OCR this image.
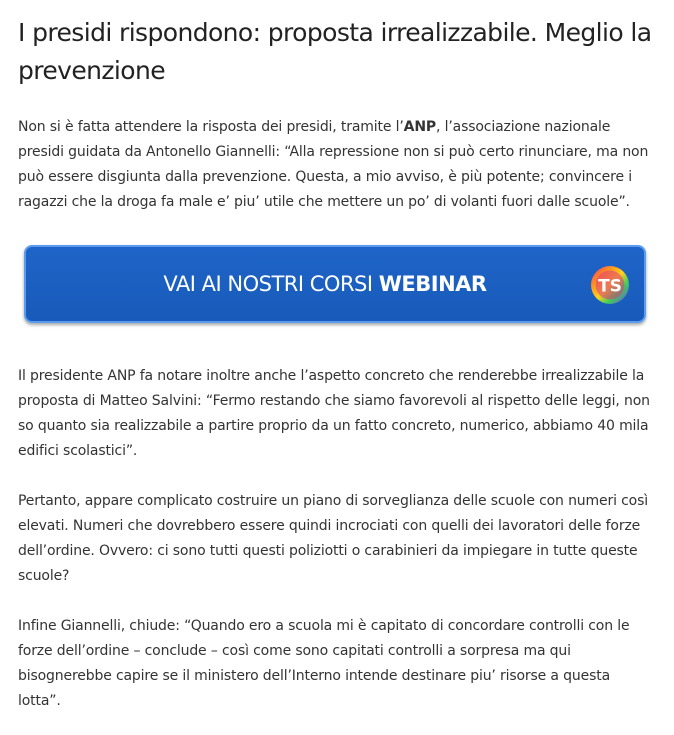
I presidi rispondono: proposta irrealizzabile. Meglio la prevenzione

Non si è fatta attendere la risposta dei presidi, tramite l’ANP, l’associazione nazionale presidi guidata da Antonello Giannelli: “Alla repressione non si può certo rinunciare, ma non può essere disgiunta dalla prevenzione. Questa, a mio avviso, è più potente; convincere i ragazzi che la droga fa male e’ piu’ utile che mettere un po’ di volanti fuori dalle scuole”.

VAI AI NOSTRI CORSI WEBINAR	TS

Il presidente ANP fa notare inoltre anche l’aspetto concreto che renderebbe irrealizzabile la proposta di Matteo Salvini: “Fermo restando che siamo favorevoli al rispetto delle leggi, non so quanto sia realizzabile a partire proprio da un fatto concreto, numerico, abbiamo 40 mila edifici scolastici”.

Pertanto, appare complicato costruire un piano di sorveglianza delle scuole con numeri così elevati. Numeri che dovrebbero essere quindi incrociati con quelli dei lavoratori delle forze dell’ordine. Ovvero: ci sono tutti questi poliziotti o carabinieri da impiegare in tutte queste scuole?

Infine Giannelli, chiude: “Quando ero a scuola mi è capitato di concordare controlli con le forze dell’ordine – conclude – così come sono capitati controlli a sorpresa ma qui bisognerebbe capire se il ministero dell’Interno intende destinare piu’ risorse a questa lotta”.
